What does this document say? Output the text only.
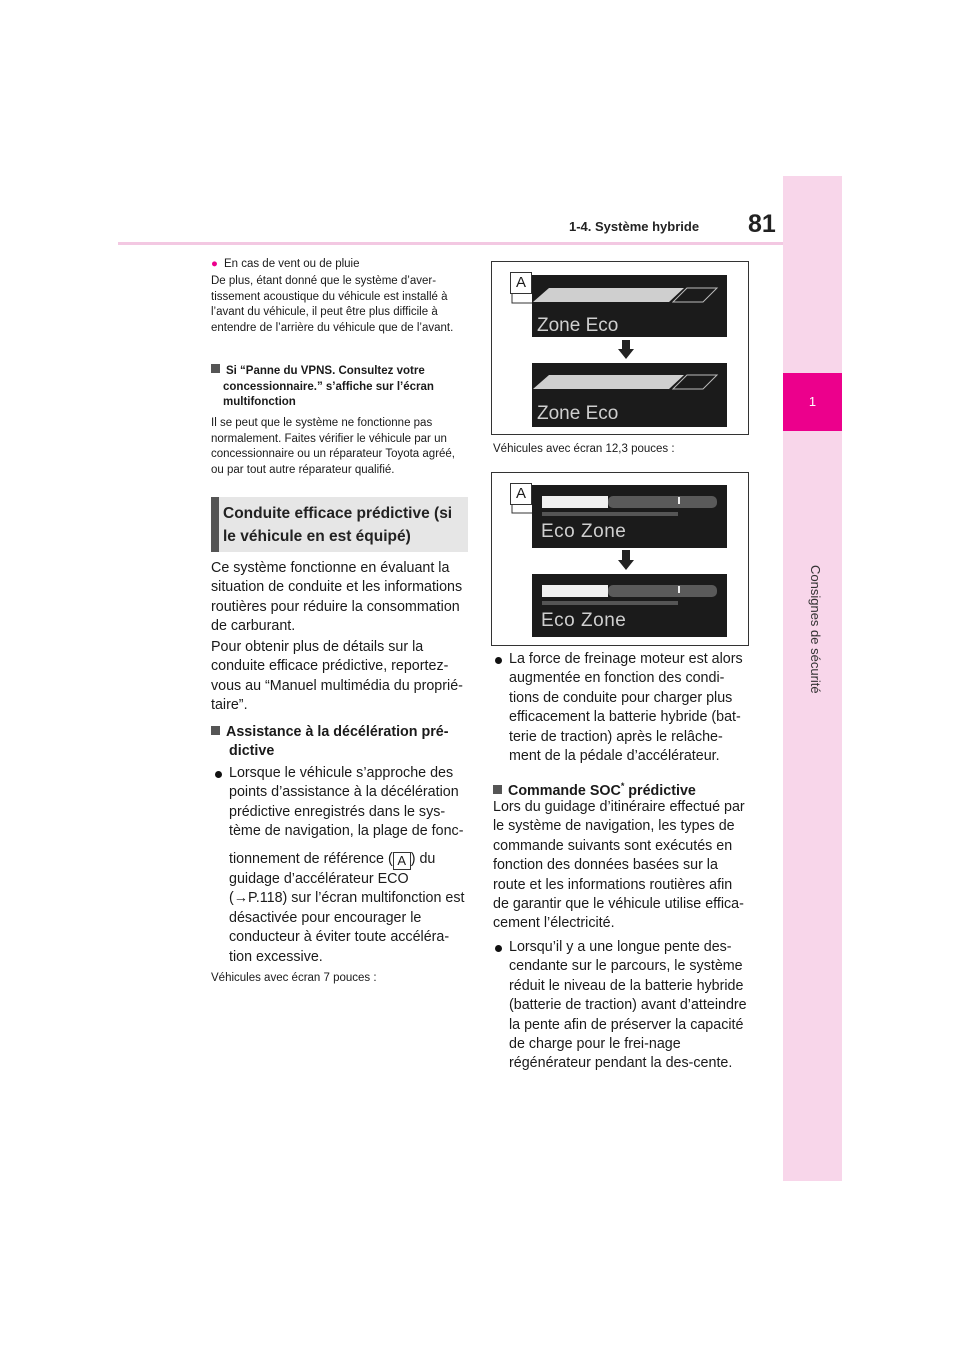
1-4. Système hybride 81
1
Consignes de sécurité
● En cas de vent ou de pluie
De plus, étant donné que le système d’aver-tissement acoustique du véhicule est installé à l’avant du véhicule, il peut être plus difficile à entendre de l’arrière du véhicule que de l’avant.
Si “Panne du VPNS. Consultez votre concessionnaire.” s’affiche sur l’écran multifonction
Il se peut que le système ne fonctionne pas normalement. Faites vérifier le véhicule par un concessionnaire ou un réparateur Toyota agréé, ou par tout autre réparateur qualifié.
Conduite efficace prédictive (si le véhicule en est équipé)
Ce système fonctionne en évaluant la situation de conduite et les informations routières pour réduire la consommation de carburant.
Pour obtenir plus de détails sur la conduite efficace prédictive, reportez-vous au “Manuel multimédia du proprié-taire”.
Assistance à la décélération pré-dictive
Lorsque le véhicule s’approche des points d’assistance à la décélération prédictive enregistrés dans le sys-tème de navigation, la plage de fonc-
tionnement de référence ( A ) du
guidage d’accélérateur ECO (→P.118) sur l’écran multifonction est désactivée pour encourager le conducteur à éviter toute accéléra-tion excessive.
Véhicules avec écran 7 pouces :
A
Zone Eco
Zone Eco
Véhicules avec écran 12,3 pouces :
A
Eco Zone
Eco Zone
La force de freinage moteur est alors augmentée en fonction des condi-tions de conduite pour charger plus efficacement la batterie hybride (bat-terie de traction) après le relâche-ment de la pédale d’accélérateur.
Commande SOC* prédictive
Lors du guidage d’itinéraire effectué par le système de navigation, les types de commande suivants sont exécutés en fonction des données basées sur la route et les informations routières afin de garantir que le véhicule utilise effica-cement l’électricité.
Lorsqu’il y a une longue pente des-cendante sur le parcours, le système réduit le niveau de la batterie hybride (batterie de traction) avant d’atteindre la pente afin de préserver la capacité de charge pour le frei-nage régénérateur pendant la des-cente.
